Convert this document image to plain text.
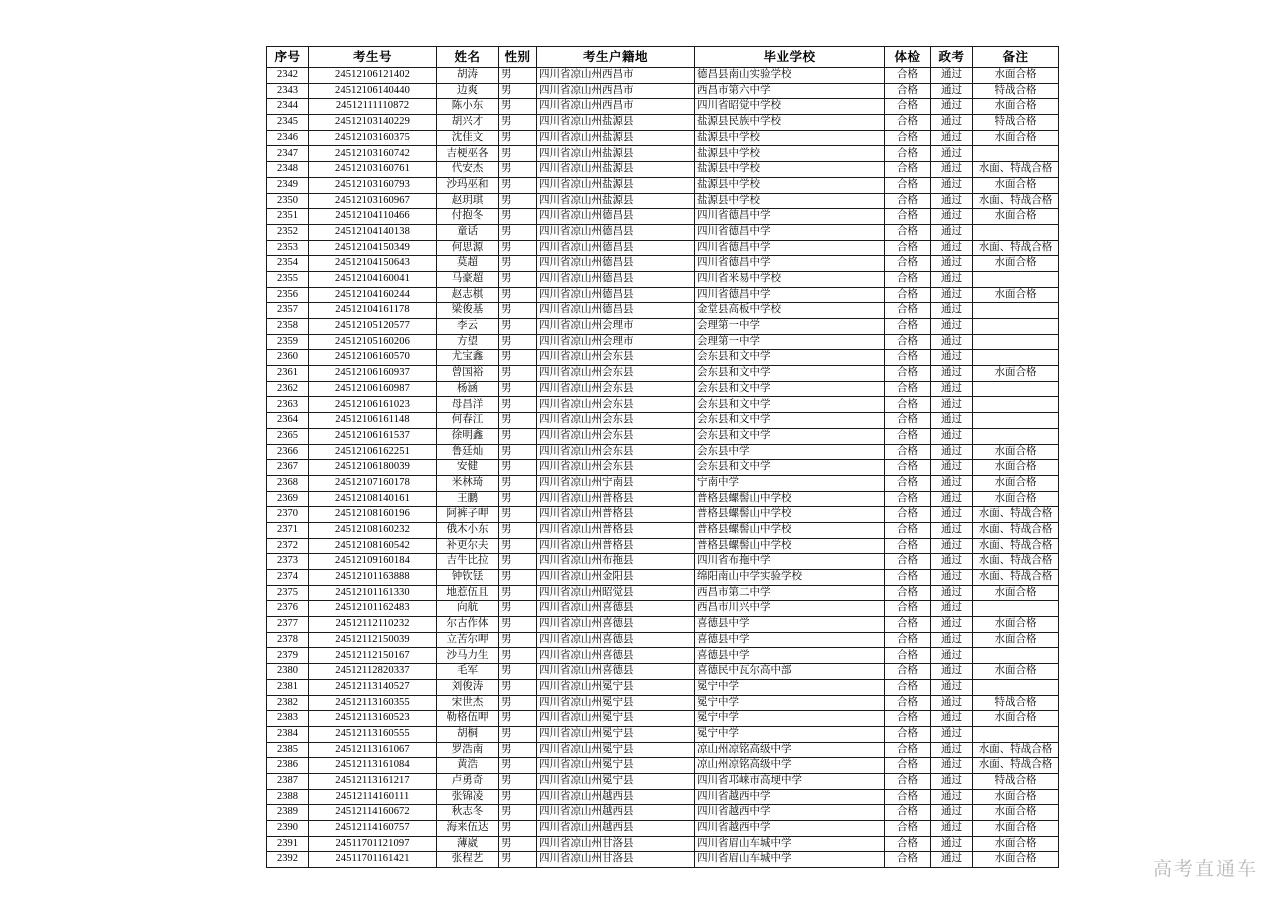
序号	考生号	姓名	性别	考生户籍地	毕业学校	体检	政考	备注
2342	24512106121402	胡涛	男	四川省凉山州西昌市	德昌县南山实验学校	合格	通过	水面合格
2343	24512106140440	边爽	男	四川省凉山州西昌市	西昌市第六中学	合格	通过	特战合格
2344	24512111110872	陈小东	男	四川省凉山州西昌市	四川省昭觉中学校	合格	通过	水面合格
2345	24512103140229	胡兴才	男	四川省凉山州盐源县	盐源县民族中学校	合格	通过	特战合格
2346	24512103160375	沈佳文	男	四川省凉山州盐源县	盐源县中学校	合格	通过	水面合格
2347	24512103160742	吉梗巫各	男	四川省凉山州盐源县	盐源县中学校	合格	通过	
2348	24512103160761	代安杰	男	四川省凉山州盐源县	盐源县中学校	合格	通过	水面、特战合格
2349	24512103160793	沙玛巫和	男	四川省凉山州盐源县	盐源县中学校	合格	通过	水面合格
2350	24512103160967	赵玥琪	男	四川省凉山州盐源县	盐源县中学校	合格	通过	水面、特战合格
2351	24512104110466	付抱冬	男	四川省凉山州德昌县	四川省德昌中学	合格	通过	水面合格
2352	24512104140138	童话	男	四川省凉山州德昌县	四川省德昌中学	合格	通过	
2353	24512104150349	何思源	男	四川省凉山州德昌县	四川省德昌中学	合格	通过	水面、特战合格
2354	24512104150643	莫超	男	四川省凉山州德昌县	四川省德昌中学	合格	通过	水面合格
2355	24512104160041	马豪超	男	四川省凉山州德昌县	四川省米易中学校	合格	通过	
2356	24512104160244	赵志棋	男	四川省凉山州德昌县	四川省德昌中学	合格	通过	水面合格
2357	24512104161178	梁俊基	男	四川省凉山州德昌县	金堂县高板中学校	合格	通过	
2358	24512105120577	李云	男	四川省凉山州会理市	会理第一中学	合格	通过	
2359	24512105160206	方望	男	四川省凉山州会理市	会理第一中学	合格	通过	
2360	24512106160570	尤宝鑫	男	四川省凉山州会东县	会东县和文中学	合格	通过	
2361	24512106160937	曾国裕	男	四川省凉山州会东县	会东县和文中学	合格	通过	水面合格
2362	24512106160987	杨涵	男	四川省凉山州会东县	会东县和文中学	合格	通过	
2363	24512106161023	母昌洋	男	四川省凉山州会东县	会东县和文中学	合格	通过	
2364	24512106161148	何春江	男	四川省凉山州会东县	会东县和文中学	合格	通过	
2365	24512106161537	徐明鑫	男	四川省凉山州会东县	会东县和文中学	合格	通过	
2366	24512106162251	鲁廷灿	男	四川省凉山州会东县	会东县中学	合格	通过	水面合格
2367	24512106180039	安健	男	四川省凉山州会东县	会东县和文中学	合格	通过	水面合格
2368	24512107160178	米林琦	男	四川省凉山州宁南县	宁南中学	合格	通过	水面合格
2369	24512108140161	王鹏	男	四川省凉山州普格县	普格县螺髻山中学校	合格	通过	水面合格
2370	24512108160196	阿裤子呷	男	四川省凉山州普格县	普格县螺髻山中学校	合格	通过	水面、特战合格
2371	24512108160232	俄木小东	男	四川省凉山州普格县	普格县螺髻山中学校	合格	通过	水面、特战合格
2372	24512108160542	补更尔夫	男	四川省凉山州普格县	普格县螺髻山中学校	合格	通过	水面、特战合格
2373	24512109160184	吉牛比拉	男	四川省凉山州布拖县	四川省布拖中学	合格	通过	水面、特战合格
2374	24512101163888	钟钦铥	男	四川省凉山州金阳县	绵阳南山中学实验学校	合格	通过	水面、特战合格
2375	24512101161330	地惹伍且	男	四川省凉山州昭觉县	西昌市第二中学	合格	通过	水面合格
2376	24512101162483	向航	男	四川省凉山州喜德县	西昌市川兴中学	合格	通过	
2377	24512112110232	尔古作体	男	四川省凉山州喜德县	喜德县中学	合格	通过	水面合格
2378	24512112150039	立苦尔呷	男	四川省凉山州喜德县	喜德县中学	合格	通过	水面合格
2379	24512112150167	沙马力生	男	四川省凉山州喜德县	喜德县中学	合格	通过	
2380	24512112820337	毛军	男	四川省凉山州喜德县	喜德民中瓦尔高中部	合格	通过	水面合格
2381	24512113140527	刘俊涛	男	四川省凉山州冕宁县	冕宁中学	合格	通过	
2382	24512113160355	宋世杰	男	四川省凉山州冕宁县	冕宁中学	合格	通过	特战合格
2383	24512113160523	勒格伍呷	男	四川省凉山州冕宁县	冕宁中学	合格	通过	水面合格
2384	24512113160555	胡桐	男	四川省凉山州冕宁县	冕宁中学	合格	通过	
2385	24512113161067	罗浩南	男	四川省凉山州冕宁县	凉山州凉铭高级中学	合格	通过	水面、特战合格
2386	24512113161084	黄浩	男	四川省凉山州冕宁县	凉山州凉铭高级中学	合格	通过	水面、特战合格
2387	24512113161217	卢勇奇	男	四川省凉山州冕宁县	四川省邛崃市高埂中学	合格	通过	特战合格
2388	24512114160111	张锦凌	男	四川省凉山州越西县	四川省越西中学	合格	通过	水面合格
2389	24512114160672	秋志冬	男	四川省凉山州越西县	四川省越西中学	合格	通过	水面合格
2390	24512114160757	海来伍达	男	四川省凉山州越西县	四川省越西中学	合格	通过	水面合格
2391	24511701121097	薄崴	男	四川省凉山州甘洛县	四川省眉山车城中学	合格	通过	水面合格
2392	24511701161421	张程艺	男	四川省凉山州甘洛县	四川省眉山车城中学	合格	通过	水面合格
高考直通车
